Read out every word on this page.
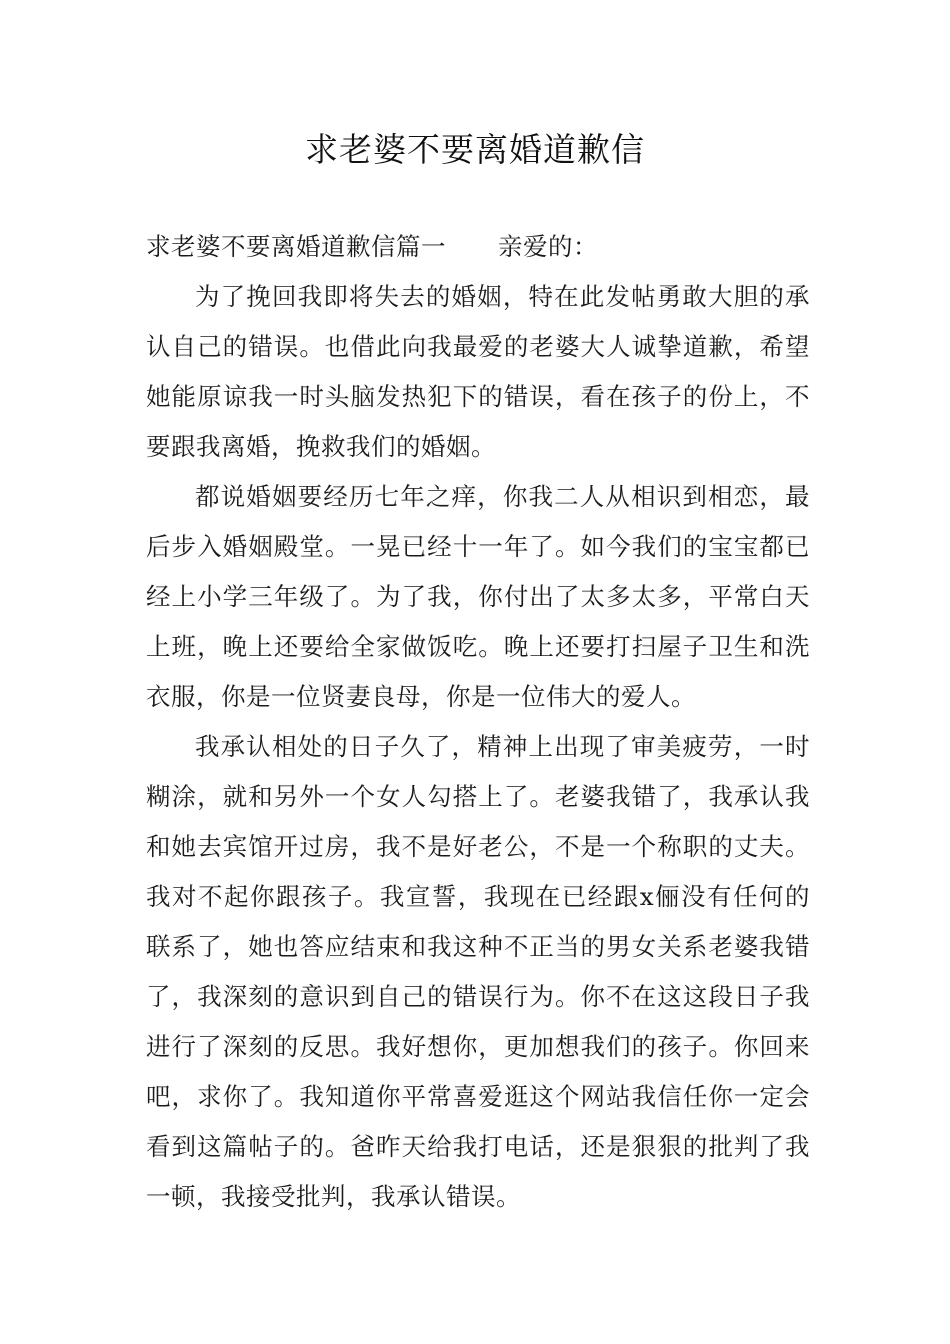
求老婆不要离婚道歉信
求老婆不要离婚道歉信篇一 亲爱的：

为了挽回我即将失去的婚姻，特在此发帖勇敢大胆的承认自己的错误。也借此向我最爱的老婆大人诚挚道歉，希望她能原谅我一时头脑发热犯下的错误，看在孩子的份上，不要跟我离婚，挽救我们的婚姻。

都说婚姻要经历七年之痒，你我二人从相识到相恋，最后步入婚姻殿堂。一晃已经十一年了。如今我们的宝宝都已经上小学三年级了。为了我，你付出了太多太多，平常白天上班，晚上还要给全家做饭吃。晚上还要打扫屋子卫生和洗衣服，你是一位贤妻良母，你是一位伟大的爱人。

我承认相处的日子久了，精神上出现了审美疲劳，一时糊涂，就和另外一个女人勾搭上了。老婆我错了，我承认我和她去宾馆开过房，我不是好老公，不是一个称职的丈夫。我对不起你跟孩子。我宣誓，我现在已经跟x俪没有任何的联系了，她也答应结束和我这种不正当的男女关系老婆我错了，我深刻的意识到自己的错误行为。你不在这这段日子我进行了深刻的反思。我好想你，更加想我们的孩子。你回来吧，求你了。我知道你平常喜爱逛这个网站我信任你一定会看到这篇帖子的。爸昨天给我打电话，还是狠狠的批判了我一顿，我接受批判，我承认错误。
